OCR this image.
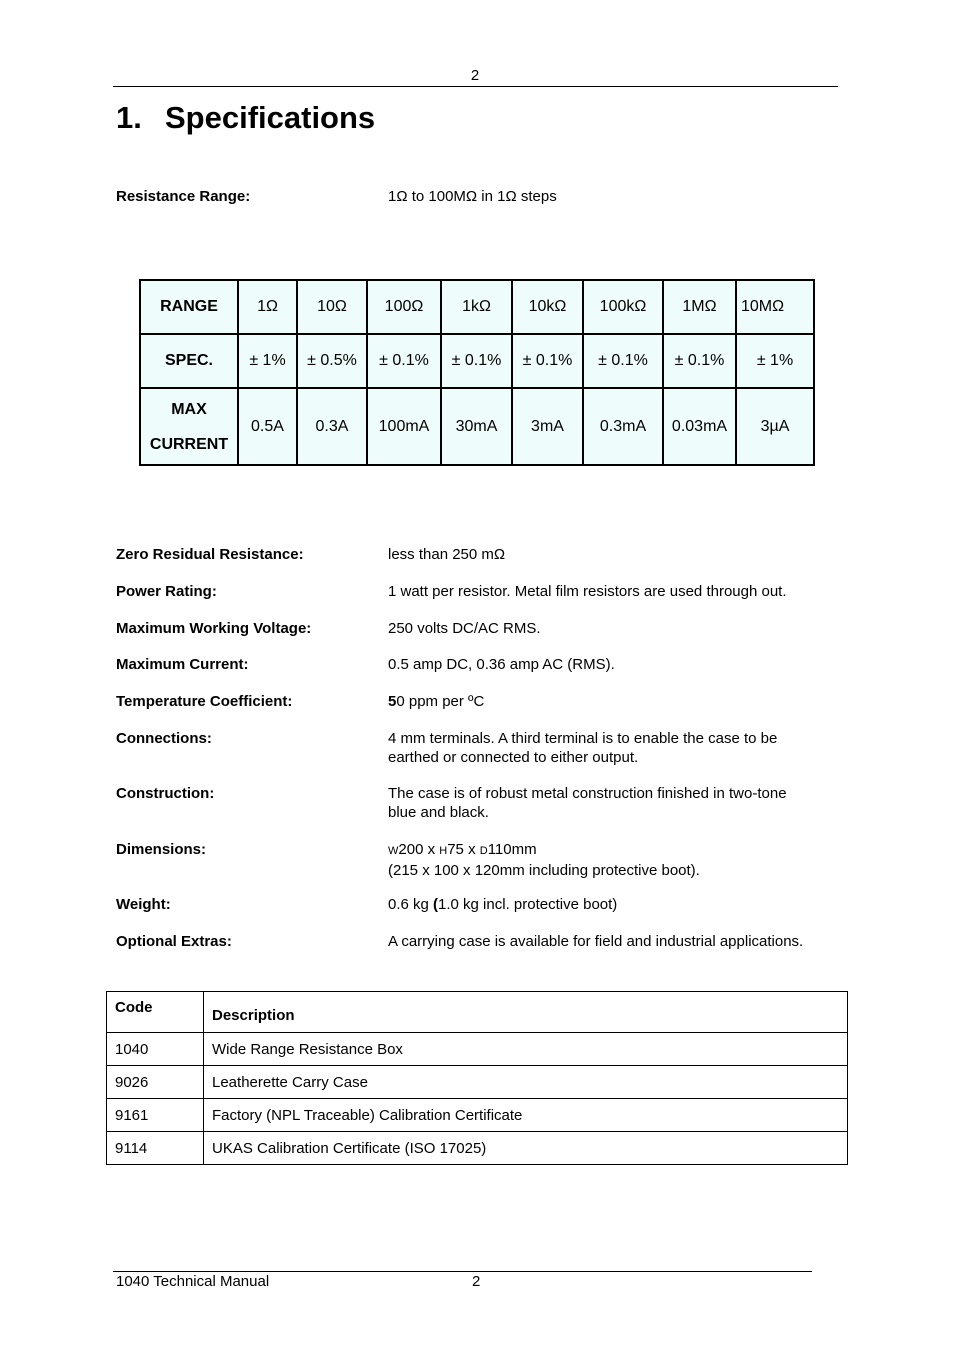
2
1. Specifications
Resistance Range:	1Ω to 100MΩ in 1Ω steps
RANGE	1Ω	10Ω	100Ω	1kΩ	10kΩ	100kΩ	1MΩ	10MΩ
SPEC.	± 1%	± 0.5%	± 0.1%	± 0.1%	± 0.1%	± 0.1%	± 0.1%	± 1%
MAX
CURRENT	0.5A	0.3A	100mA	30mA	3mA	0.3mA	0.03mA	3µA
Zero Residual Resistance:	less than 250 mΩ
Power Rating:	1 watt per resistor. Metal film resistors are used through out.
Maximum Working Voltage:	250 volts DC/AC RMS.
Maximum Current:	0.5 amp DC, 0.36 amp AC (RMS).
Temperature Coefficient:	50 ppm per ºC
Connections:	4 mm terminals. A third terminal is to enable the case to be
earthed or connected to either output.
Construction:	The case is of robust metal construction finished in two-tone
blue and black.
Dimensions:	W200 x H75 x D110mm
(215 x 100 x 120mm including protective boot).
Weight:	0.6 kg (1.0 kg incl. protective boot)
Optional Extras:	A carrying case is available for field and industrial applications.
Code	Description
1040	Wide Range Resistance Box
9026	Leatherette Carry Case
9161	Factory (NPL Traceable) Calibration Certificate
9114	UKAS Calibration Certificate (ISO 17025)
1040 Technical Manual	2
